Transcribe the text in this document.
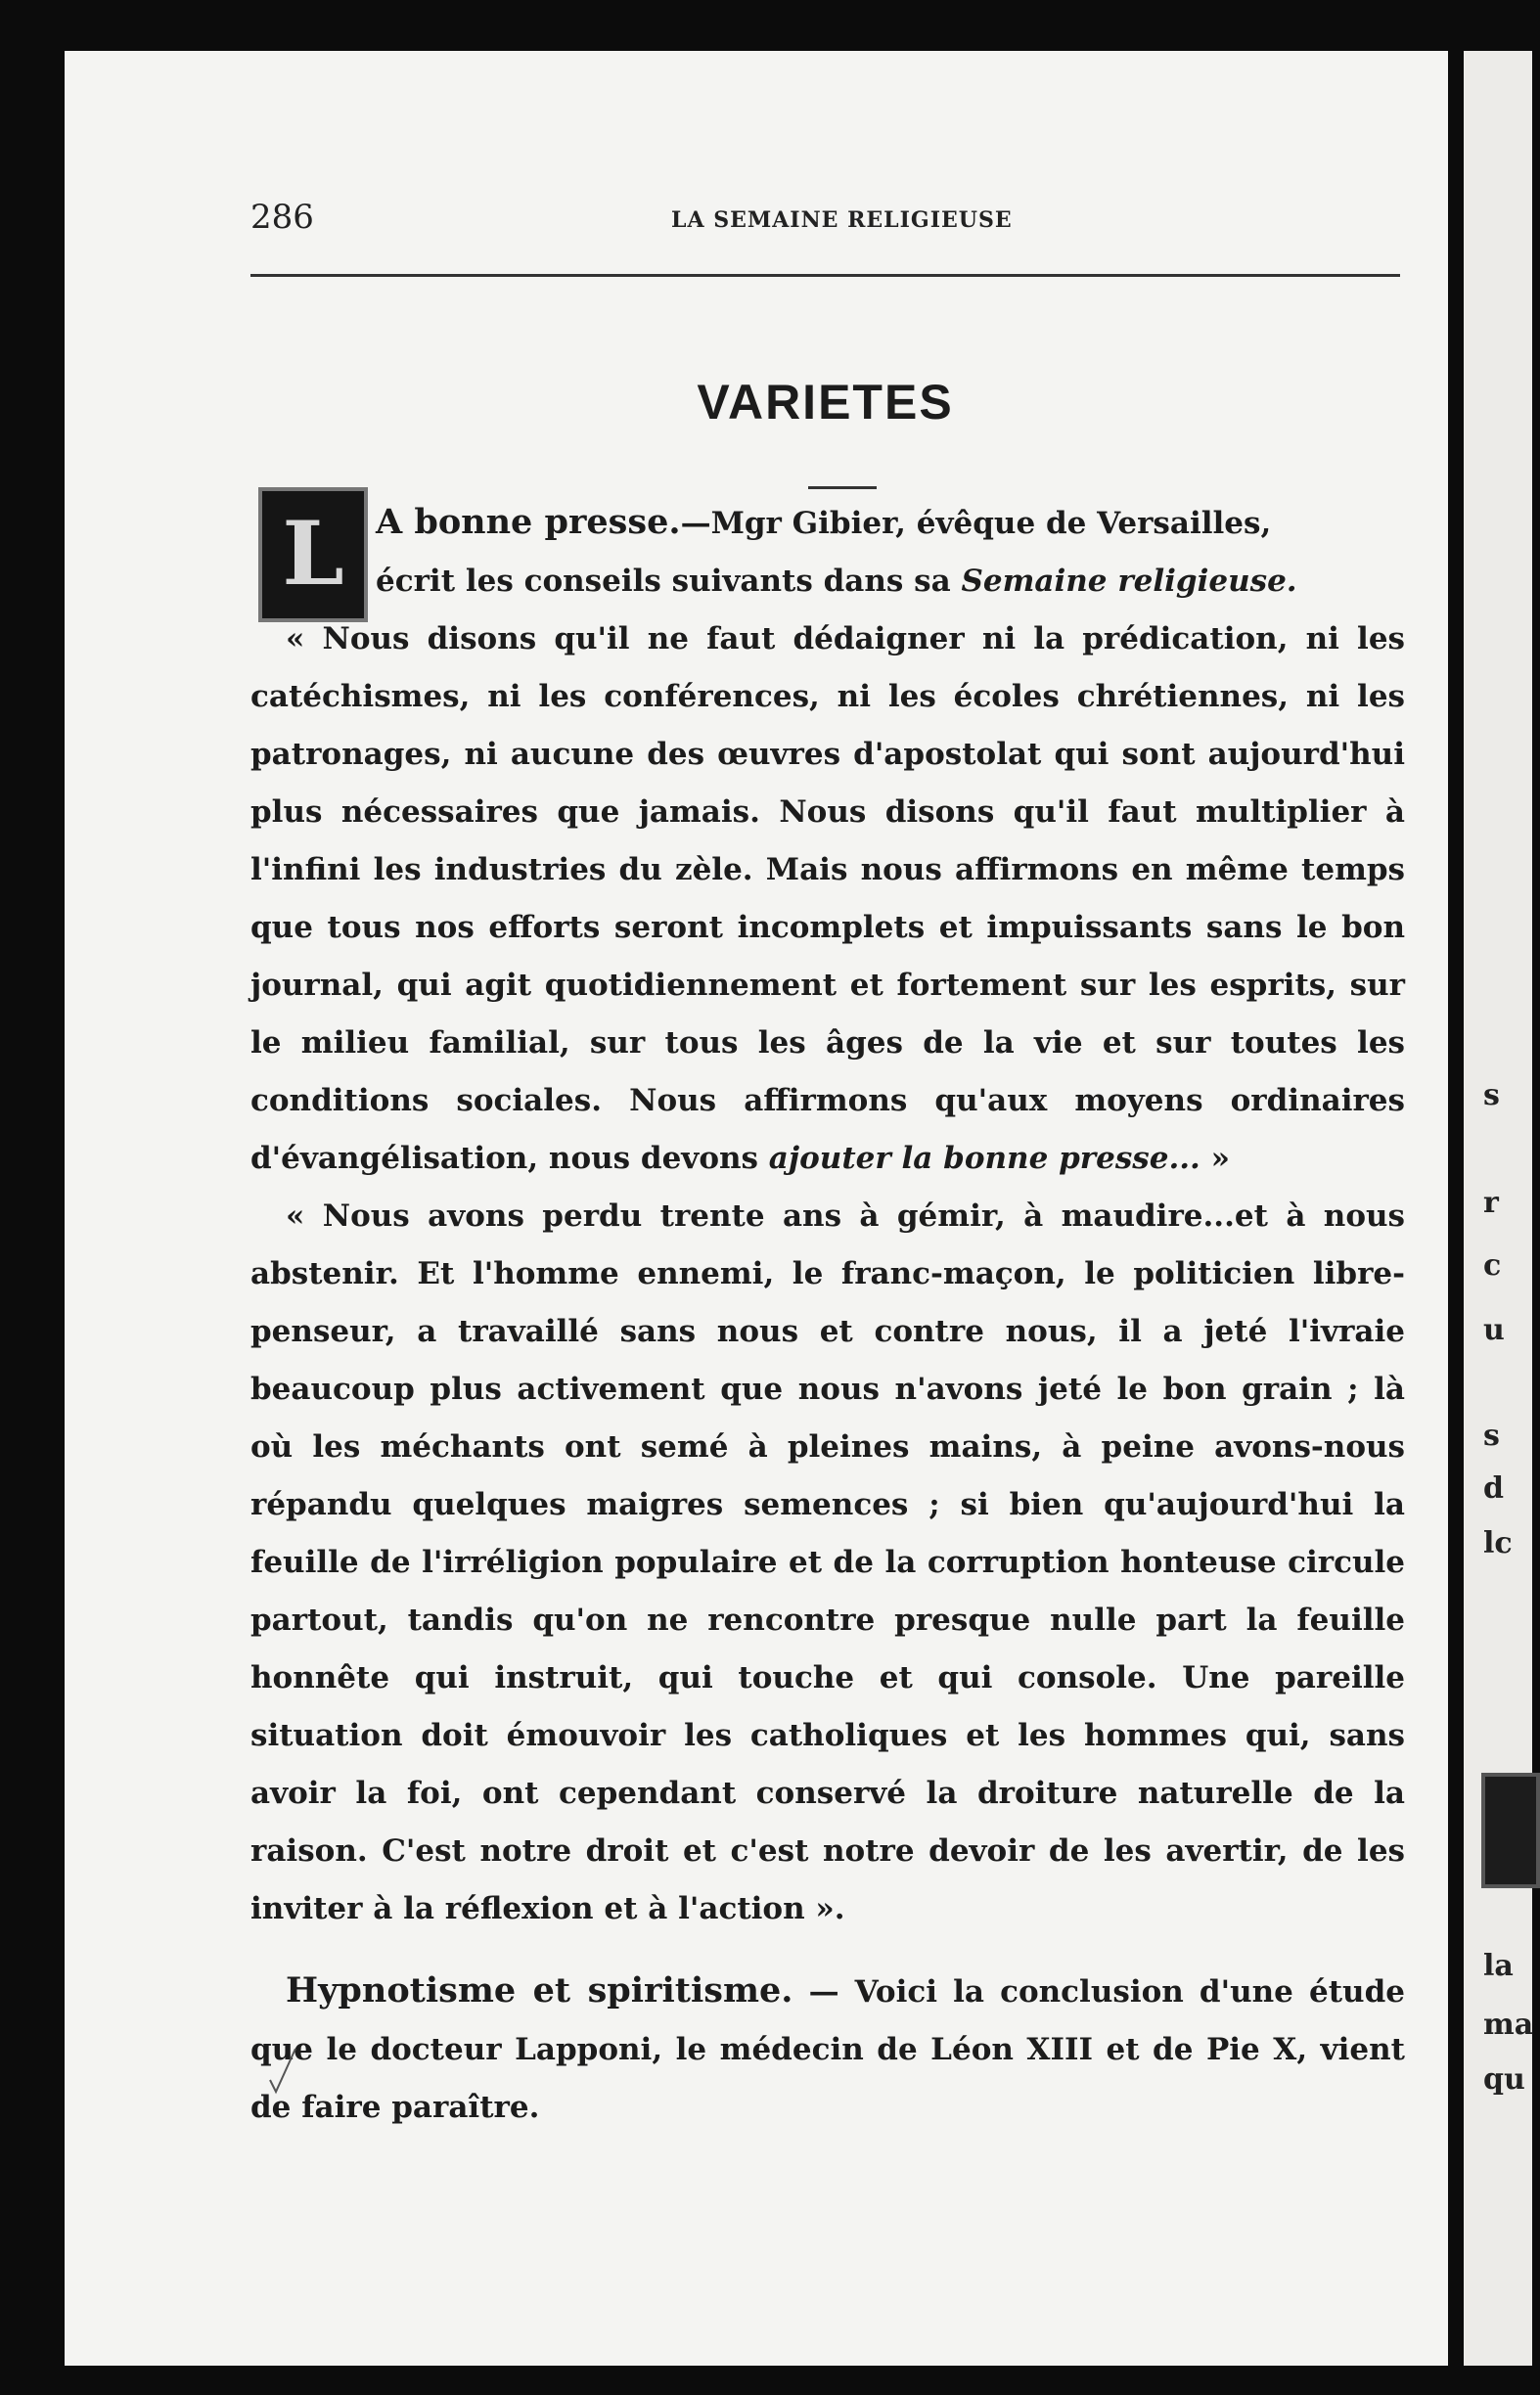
286	LA SEMAINE RELIGIEUSE
VARIETES
L A bonne presse.—Mgr Gibier, évêque de Versailles,
écrit les conseils suivants dans sa Semaine religieuse.

« Nous disons qu'il ne faut dédaigner ni la prédication, ni les catéchismes, ni les conférences, ni les écoles chrétiennes, ni les patronages, ni aucune des œuvres d'apostolat qui sont aujourd'hui plus nécessaires que jamais. Nous disons qu'il faut multiplier à l'infini les industries du zèle. Mais nous affirmons en même temps que tous nos efforts seront incomplets et impuissants sans le bon journal, qui agit quotidiennement et fortement sur les esprits, sur le milieu familial, sur tous les âges de la vie et sur toutes les conditions sociales. Nous affirmons qu'aux moyens ordinaires d'évangélisation, nous devons ajouter la bonne presse... »

« Nous avons perdu trente ans à gémir, à maudire...et à nous abstenir. Et l'homme ennemi, le franc-maçon, le politicien libre-penseur, a travaillé sans nous et contre nous, il a jeté l'ivraie beaucoup plus activement que nous n'avons jeté le bon grain ; là où les méchants ont semé à pleines mains, à peine avons-nous répandu quelques maigres semences ; si bien qu'aujourd'hui la feuille de l'irréligion populaire et de la corruption honteuse circule partout, tandis qu'on ne rencontre presque nulle part la feuille honnête qui instruit, qui touche et qui console. Une pareille situation doit émouvoir les catholiques et les hommes qui, sans avoir la foi, ont cependant conservé la droiture naturelle de la raison. C'est notre droit et c'est notre devoir de les avertir, de les inviter à la réflexion et à l'action ».

Hypnotisme et spiritisme. — Voici la conclusion d'une étude que le docteur Lapponi, le médecin de Léon XIII et de Pie X, vient de faire paraître.

s
r
c
u
s
d
lc
la
ma
qu
